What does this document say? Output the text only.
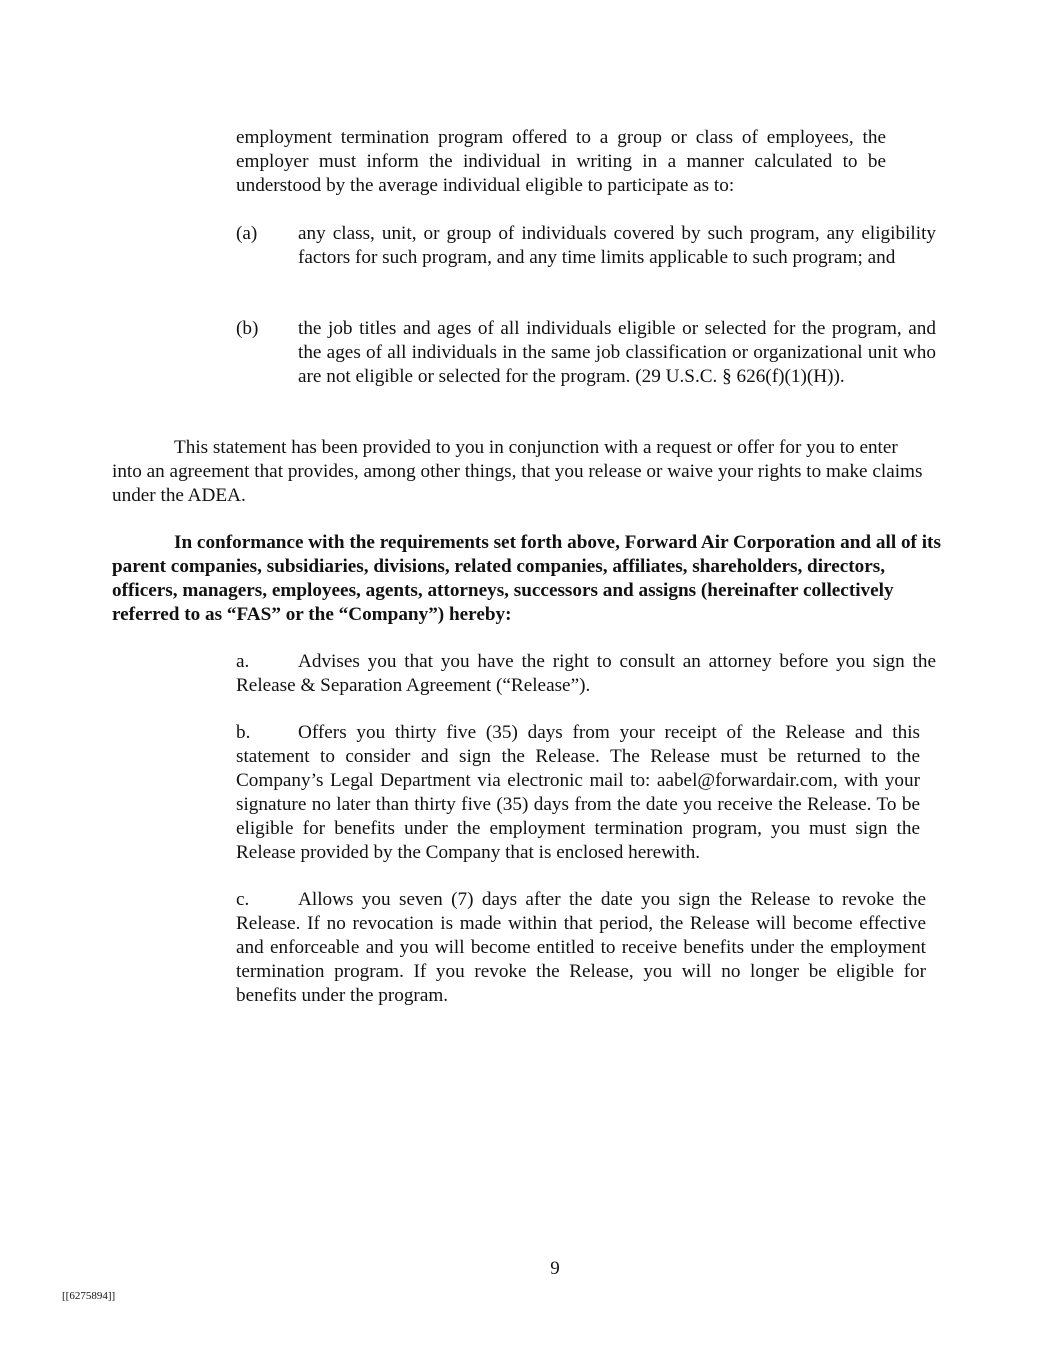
employment termination program offered to a group or class of employees, the employer must inform the individual in writing in a manner calculated to be understood by the average individual eligible to participate as to:

(a) any class, unit, or group of individuals covered by such program, any eligibility factors for such program, and any time limits applicable to such program; and
(b) the job titles and ages of all individuals eligible or selected for the program, and the ages of all individuals in the same job classification or organizational unit who are not eligible or selected for the program. (29 U.S.C. § 626(f)(1)(H)).

This statement has been provided to you in conjunction with a request or offer for you to enter into an agreement that provides, among other things, that you release or waive your rights to make claims under the ADEA.

In conformance with the requirements set forth above, Forward Air Corporation and all of its parent companies, subsidiaries, divisions, related companies, affiliates, shareholders, directors, officers, managers, employees, agents, attorneys, successors and assigns (hereinafter collectively referred to as “FAS” or the “Company”) hereby:

a.	Advises you that you have the right to consult an attorney before you sign the Release & Separation Agreement (“Release”).
b. Offers you thirty five (35) days from your receipt of the Release and this statement to consider and sign the Release. The Release must be returned to the Company’s Legal Department via electronic mail to: aabel@forwardair.com, with your signature no later than thirty five (35) days from the date you receive the Release. To be eligible for benefits under the employment termination program, you must sign the Release provided by the Company that is enclosed herewith.
c.	Allows you seven (7) days after the date you sign the Release to revoke the Release. If no revocation is made within that period, the Release will become effective and enforceable and you will become entitled to receive benefits under the employment termination program. If you revoke the Release, you will no longer be eligible for benefits under the program.
9
[[6275894]]
